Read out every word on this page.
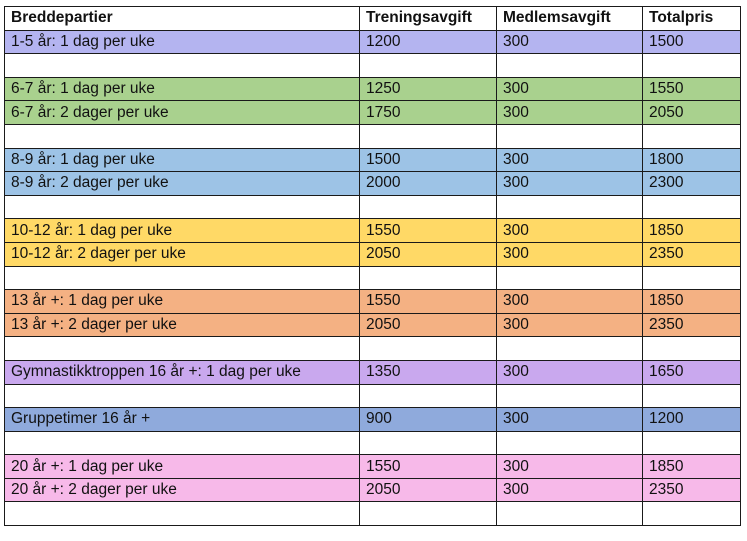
Breddepartier	Treningsavgift	Medlemsavgift	Totalpris
1-5 år: 1 dag per uke	1200	300	1500

6-7 år: 1 dag per uke	1250	300	1550
6-7 år: 2 dager per uke	1750	300	2050

8-9 år: 1 dag per uke	1500	300	1800
8-9 år: 2 dager per uke	2000	300	2300

10-12 år: 1 dag per uke	1550	300	1850
10-12 år: 2 dager per uke	2050	300	2350

13 år +: 1 dag per uke	1550	300	1850
13 år +: 2 dager per uke	2050	300	2350

Gymnastikktroppen 16 år +: 1 dag per uke	1350	300	1650

Gruppetimer 16 år +	900	300	1200

20 år +: 1 dag per uke	1550	300	1850
20 år +: 2 dager per uke	2050	300	2350
